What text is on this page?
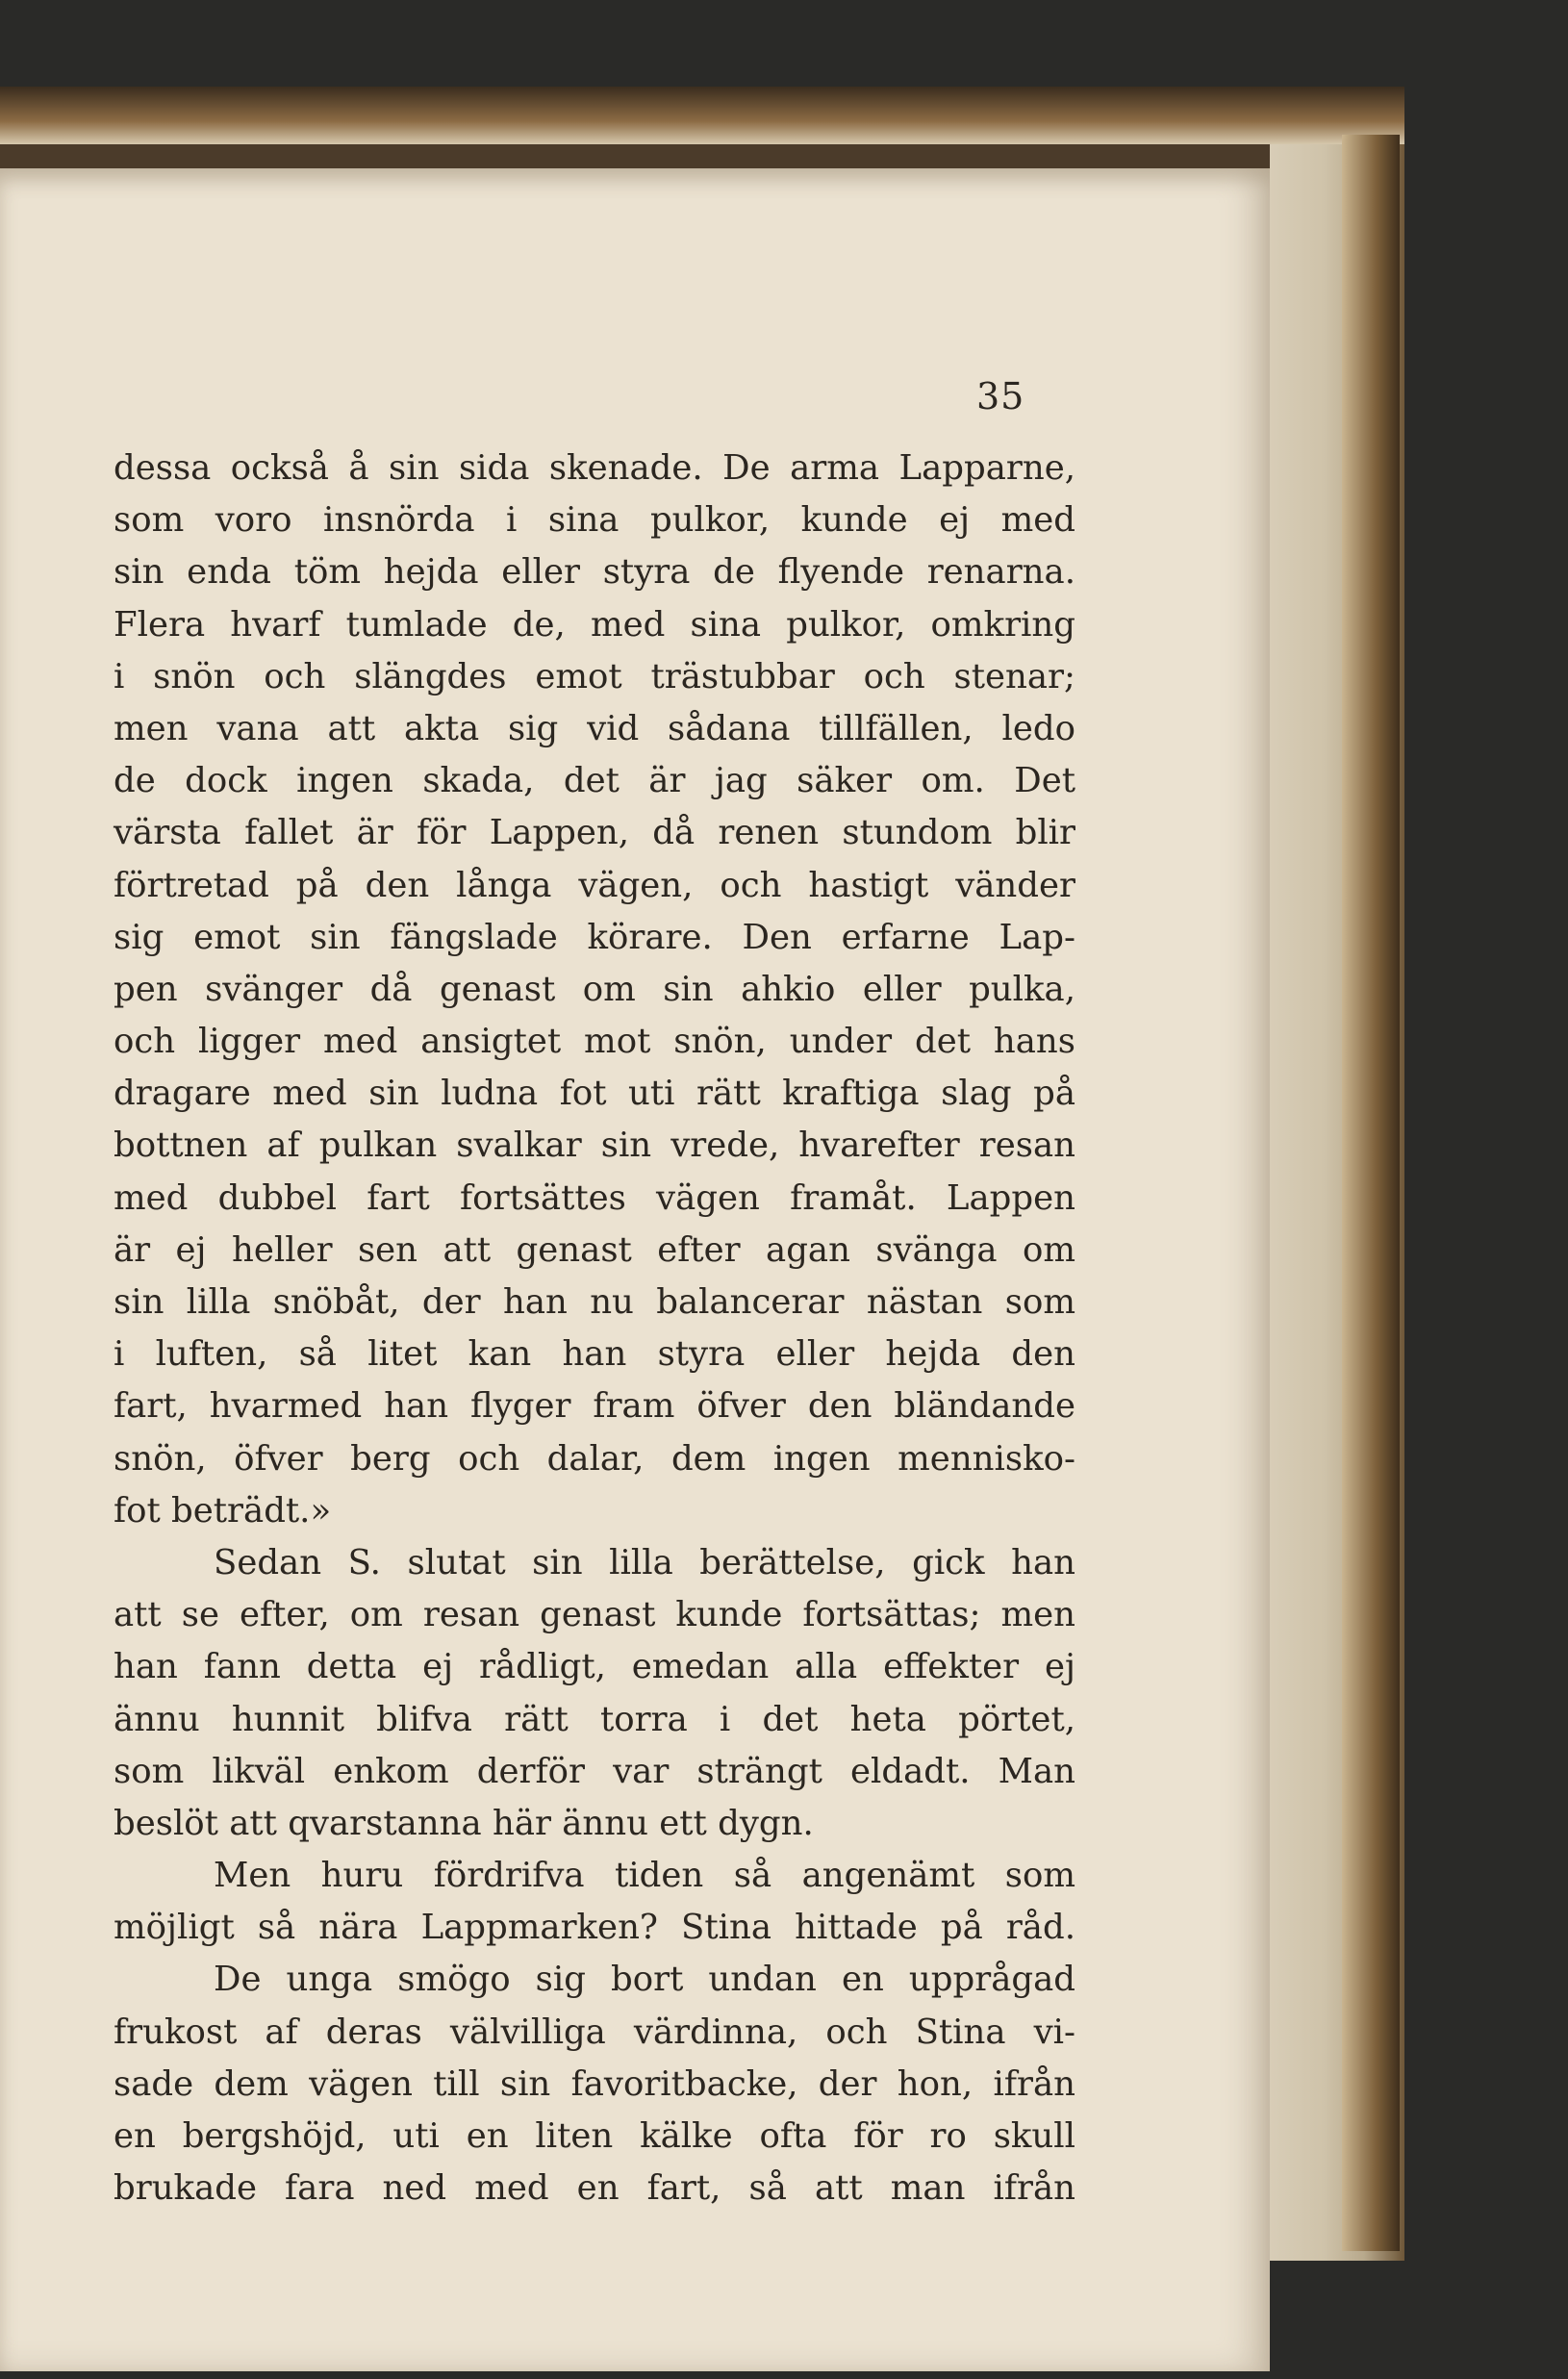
35
dessa också å sin sida skenade. De arma Lapparne,
som voro insnörda i sina pulkor, kunde ej med
sin enda töm hejda eller styra de flyende renarna.
Flera hvarf tumlade de, med sina pulkor, omkring
i snön och slängdes emot trästubbar och stenar;
men vana att akta sig vid sådana tillfällen, ledo
de dock ingen skada, det är jag säker om. Det
värsta fallet är för Lappen, då renen stundom blir
förtretad på den långa vägen, och hastigt vänder
sig emot sin fängslade körare. Den erfarne Lap-
pen svänger då genast om sin ahkio eller pulka,
och ligger med ansigtet mot snön, under det hans
dragare med sin ludna fot uti rätt kraftiga slag på
bottnen af pulkan svalkar sin vrede, hvarefter resan
med dubbel fart fortsättes vägen framåt. Lappen
är ej heller sen att genast efter agan svänga om
sin lilla snöbåt, der han nu balancerar nästan som
i luften, så litet kan han styra eller hejda den
fart, hvarmed han flyger fram öfver den bländande
snön, öfver berg och dalar, dem ingen mennisko-
fot beträdt.»
Sedan S. slutat sin lilla berättelse, gick han
att se efter, om resan genast kunde fortsättas; men
han fann detta ej rådligt, emedan alla effekter ej
ännu hunnit blifva rätt torra i det heta pörtet,
som likväl enkom derför var strängt eldadt. Man
beslöt att qvarstanna här ännu ett dygn.
Men huru fördrifva tiden så angenämt som
möjligt så nära Lappmarken? Stina hittade på råd.
De unga smögo sig bort undan en upprågad
frukost af deras välvilliga värdinna, och Stina vi-
sade dem vägen till sin favoritbacke, der hon, ifrån
en bergshöjd, uti en liten kälke ofta för ro skull
brukade fara ned med en fart, så att man ifrån
